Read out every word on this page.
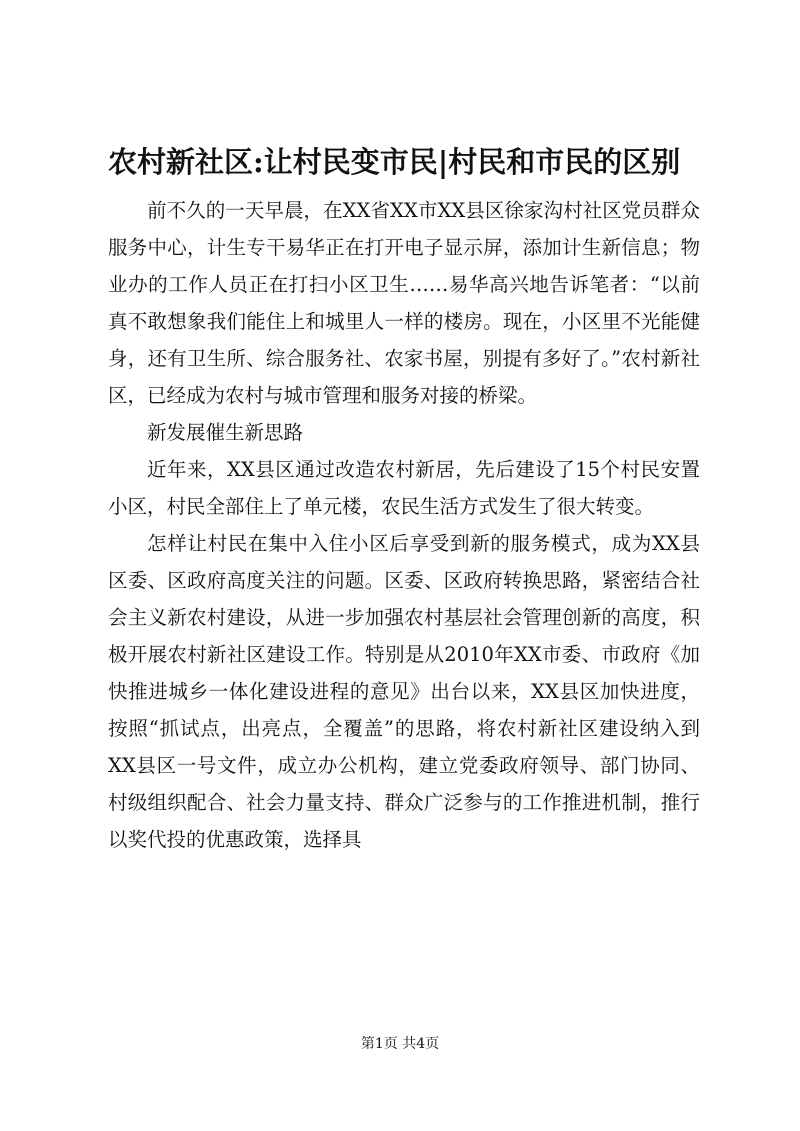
农村新社区:让村民变市民|村民和市民的区别

前不久的一天早晨，在XX省XX市XX县区徐家沟村社区党员群众服务中心，计生专干易华正在打开电子显示屏，添加计生新信息；物业办的工作人员正在打扫小区卫生……易华高兴地告诉笔者：“以前真不敢想象我们能住上和城里人一样的楼房。现在，小区里不光能健身，还有卫生所、综合服务社、农家书屋，别提有多好了。”农村新社区，已经成为农村与城市管理和服务对接的桥梁。

新发展催生新思路

近年来，XX县区通过改造农村新居，先后建设了15个村民安置小区，村民全部住上了单元楼，农民生活方式发生了很大转变。

怎样让村民在集中入住小区后享受到新的服务模式，成为XX县区委、区政府高度关注的问题。区委、区政府转换思路，紧密结合社会主义新农村建设，从进一步加强农村基层社会管理创新的高度，积极开展农村新社区建设工作。特别是从2010年XX市委、市政府《加快推进城乡一体化建设进程的意见》出台以来，XX县区加快进度，按照“抓试点，出亮点，全覆盖”的思路，将农村新社区建设纳入到XX县区一号文件，成立办公机构，建立党委政府领导、部门协同、村级组织配合、社会力量支持、群众广泛参与的工作推进机制，推行以奖代投的优惠政策，选择具

第1页 共4页
